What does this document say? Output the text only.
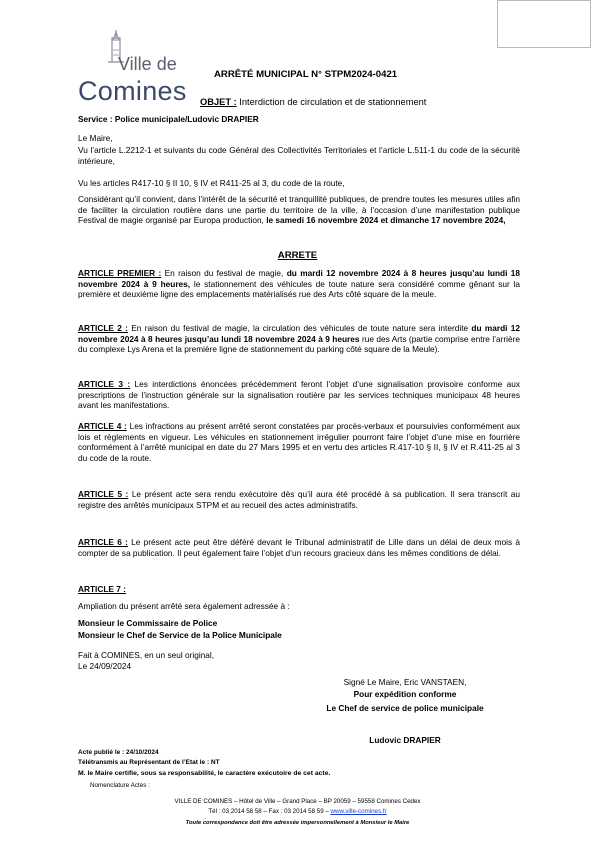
Ville de
Comines
ARRÊTÉ MUNICIPAL N° STPM2024-0421
OBJET : Interdiction de circulation et de stationnement
Service : Police municipale/Ludovic DRAPIER
Le Maire,
Vu l’article L.2212-1 et suivants du code Général des Collectivités Territoriales et l’article L.511-1 du code de la sécurité intérieure,
Vu les articles R417-10 § II 10, § IV et R411-25 al 3, du code de la route,
Considérant qu’il convient, dans l’intérêt de la sécurité et tranquillité publiques, de prendre toutes les mesures utiles afin de faciliter la circulation routière dans une partie du territoire de la ville, à l’occasion d’une manifestation publique Festival de magie organisé par Europa production, le samedi 16 novembre 2024 et dimanche 17 novembre 2024,
ARRETE
ARTICLE PREMIER : En raison du festival de magie, du mardi 12 novembre 2024 à 8 heures jusqu’au lundi 18 novembre 2024 à 9 heures, le stationnement des véhicules de toute nature sera considéré comme gênant sur la première et deuxième ligne des emplacements matérialisés rue des Arts côté square de la meule.
ARTICLE 2 : En raison du festival de magie, la circulation des véhicules de toute nature sera interdite du mardi 12 novembre 2024 à 8 heures jusqu’au lundi 18 novembre 2024 à 9 heures rue des Arts (partie comprise entre l’arrière du complexe Lys Arena et la première ligne de stationnement du parking côté square de la Meule).
ARTICLE 3 : Les interdictions énoncées précédemment feront l’objet d’une signalisation provisoire conforme aux prescriptions de l’instruction générale sur la signalisation routière par les services techniques municipaux 48 heures avant les manifestations.
ARTICLE 4 : Les infractions au présent arrêté seront constatées par procès-verbaux et poursuivies conformément aux lois et règlements en vigueur. Les véhicules en stationnement irrégulier pourront faire l’objet d’une mise en fourrière conformément à l’arrêté municipal en date du 27 Mars 1995 et en vertu des articles R.417-10 § II, § IV et R.411-25 al 3 du code de la route.
ARTICLE 5 : Le présent acte sera rendu exécutoire dès qu’il aura été procédé à sa publication. Il sera transcrit au registre des arrêtés municipaux STPM et au recueil des actes administratifs.
ARTICLE 6 : Le présent acte peut être déféré devant le Tribunal administratif de Lille dans un délai de deux mois à compter de sa publication. Il peut également faire l’objet d’un recours gracieux dans les mêmes conditions de délai.
ARTICLE 7 :
Ampliation du présent arrêté sera également adressée à :
Monsieur le Commissaire de Police
Monsieur le Chef de Service de la Police Municipale
Fait à COMINES, en un seul original,
Le 24/09/2024
Signé Le Maire, Eric VANSTAEN,
Pour expédition conforme
Le Chef de service de police municipale
Ludovic DRAPIER
Acte publié le : 24/10/2024
Télétransmis au Représentant de l’Etat le : NT
M. le Maire certifie, sous sa responsabilité, le caractère exécutoire de cet acte.
Nomenclature Actes :
VILLE DE COMINES – Hôtel de Ville – Grand Place – BP 20059 – 59558 Comines Cedex
Tél : 03 2014 58 58 – Fax : 03 2014 58 59 – www.ville-comines.fr
Toute correspondance doit être adressée impersonnellement à Monsieur le Maire
